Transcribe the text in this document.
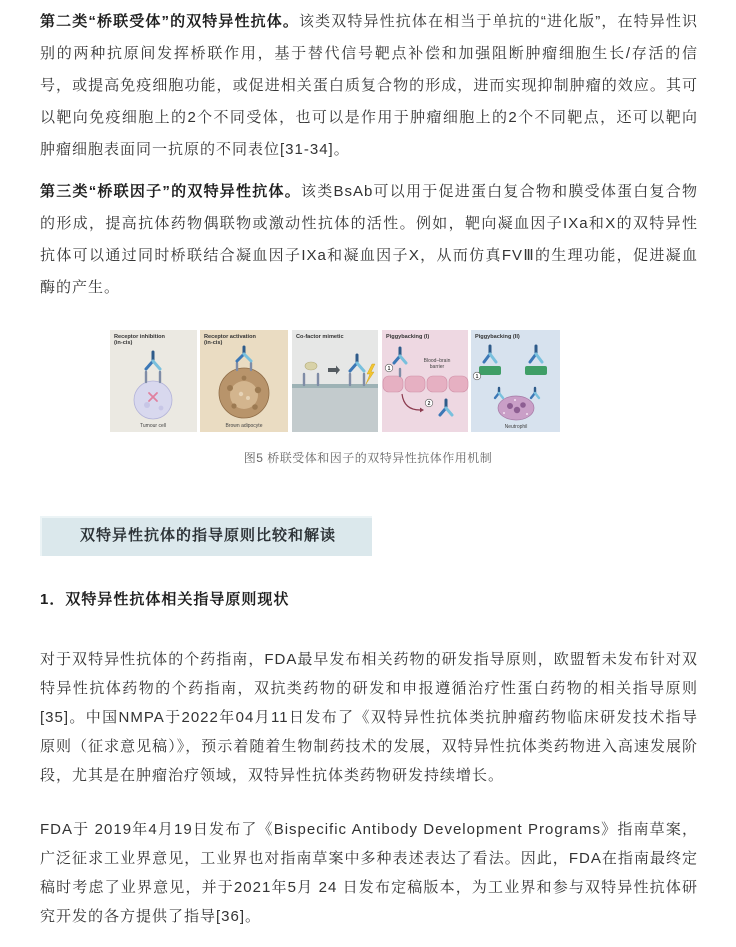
第二类“桥联受体”的双特异性抗体。该类双特异性抗体在相当于单抗的“进化版”，在特异性识别的两种抗原间发挥桥联作用，基于替代信号靶点补偿和加强阻断肿瘤细胞生长/存活的信号，或提高免疫细胞功能，或促进相关蛋白质复合物的形成，进而实现抑制肿瘤的效应。其可以靶向免疫细胞上的2个不同受体，也可以是作用于肿瘤细胞上的2个不同靶点，还可以靶向肿瘤细胞表面同一抗原的不同表位[31-34]。

第三类“桥联因子”的双特异性抗体。该类BsAb可以用于促进蛋白复合物和膜受体蛋白复合物的形成，提高抗体药物偶联物或激动性抗体的活性。例如，靶向凝血因子IXa和X的双特异性抗体可以通过同时桥联结合凝血因子IXa和凝血因子X，从而仿真FVⅢ的生理功能，促进凝血酶的产生。

Receptor inhibition
(in-cis)
Tumour cell
Receptor activation
(in-cis)
Brown adipocyte
Co-factor mimetic	Piggybacking (I)
Blood–brain
barrier
1
2
Piggybacking (II)
1
Neutrophil
图5 桥联受体和因子的双特异性抗体作用机制
双特异性抗体的指导原则比较和解读
1．双特异性抗体相关指导原则现状

对于双特异性抗体的个药指南，FDA最早发布相关药物的研发指导原则，欧盟暂未发布针对双特异性抗体药物的个药指南，双抗类药物的研发和申报遵循治疗性蛋白药物的相关指导原则[35]。中国NMPA于2022年04月11日发布了《双特异性抗体类抗肿瘤药物临床研发技术指导原则（征求意见稿）》，预示着随着生物制药技术的发展，双特异性抗体类药物进入高速发展阶段，尤其是在肿瘤治疗领域，双特异性抗体类药物研发持续增长。

FDA于 2019年4月19日发布了《Bispecific Antibody Development Programs》指南草案，广泛征求工业界意见，工业界也对指南草案中多种表述表达了看法。因此，FDA在指南最终定稿时考虑了业界意见，并于2021年5月 24 日发布定稿版本，为工业界和参与双特异性抗体研究开发的各方提供了指导[36]。
